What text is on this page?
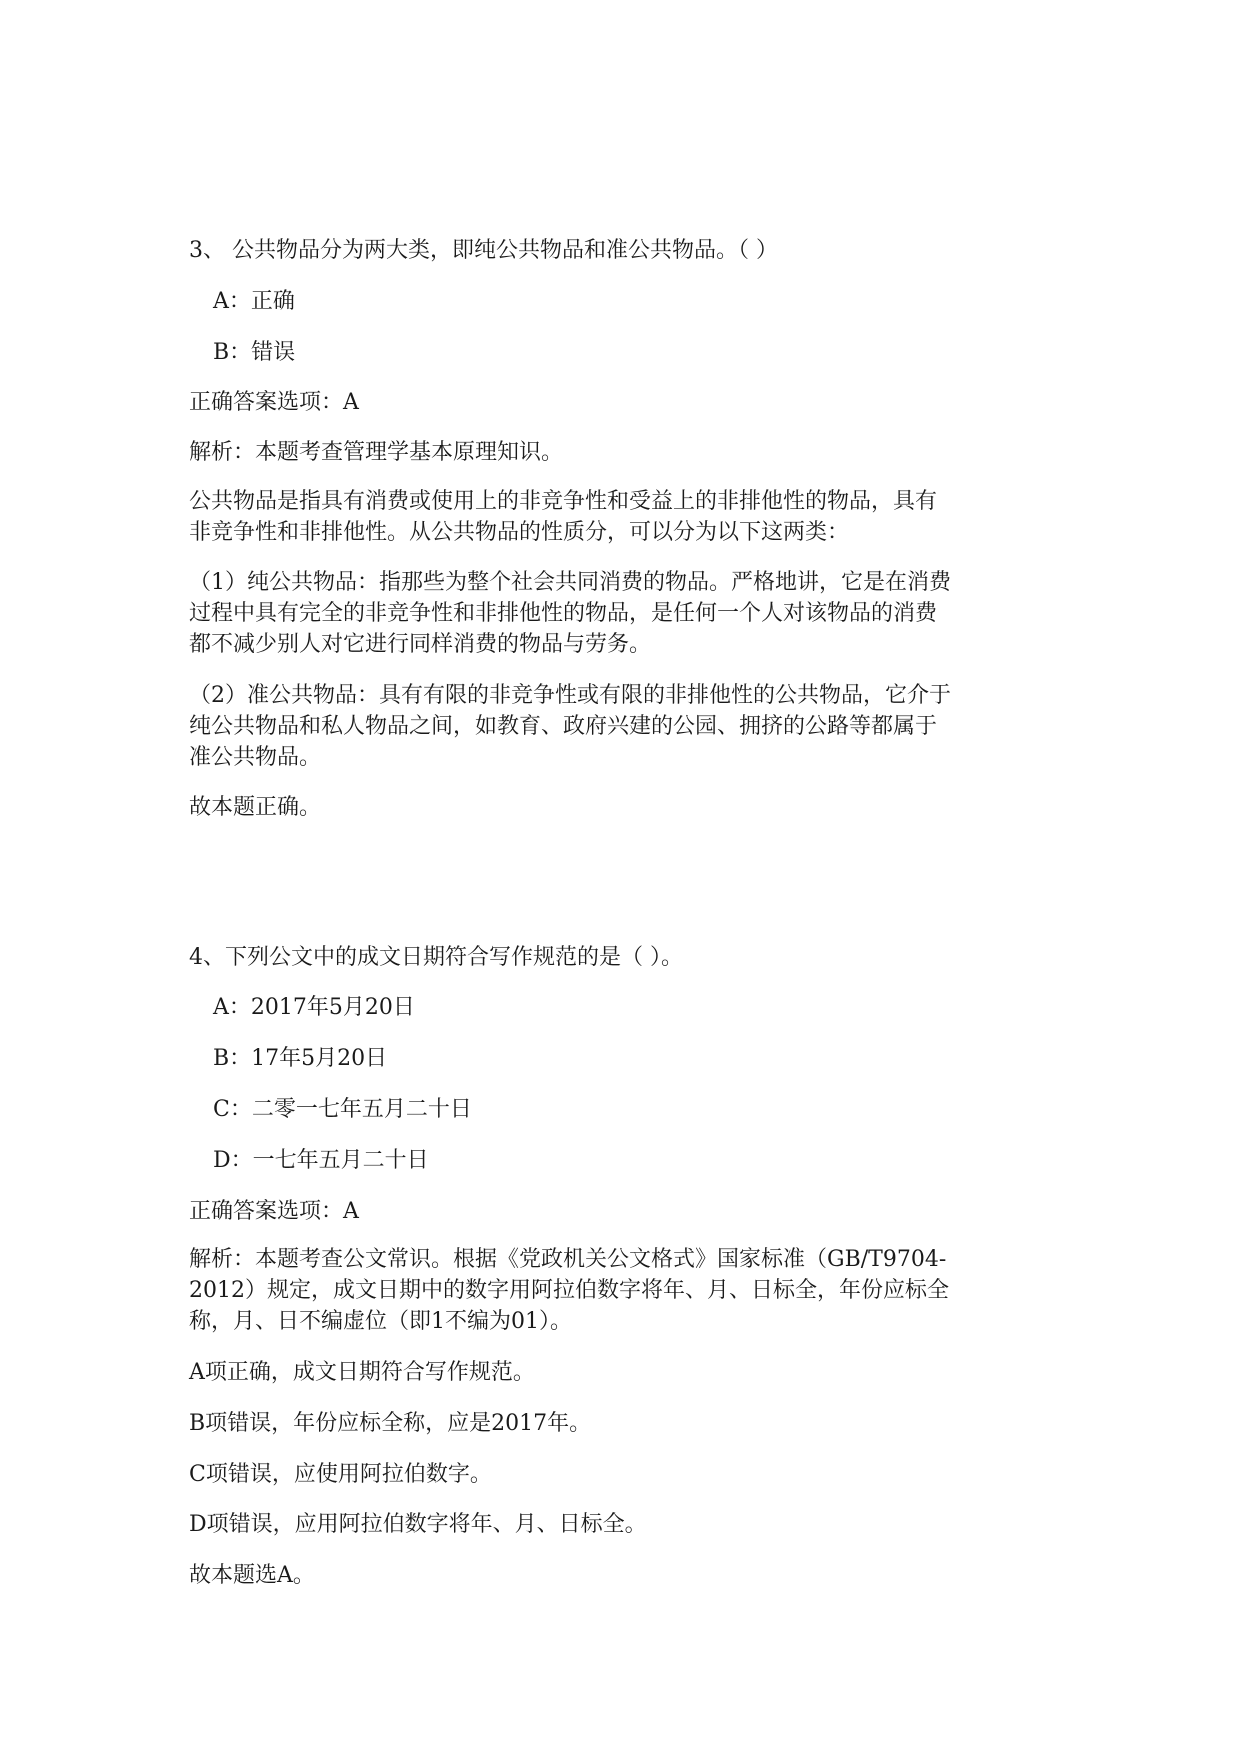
3、 公共物品分为两大类，即纯公共物品和准公共物品。（ ）
A：正确
B：错误
正确答案选项：A
解析：本题考查管理学基本原理知识。
公共物品是指具有消费或使用上的非竞争性和受益上的非排他性的物品，具有
非竞争性和非排他性。从公共物品的性质分，可以分为以下这两类：
（1）纯公共物品：指那些为整个社会共同消费的物品。严格地讲，它是在消费
过程中具有完全的非竞争性和非排他性的物品，是任何一个人对该物品的消费
都不减少别人对它进行同样消费的物品与劳务。
（2）准公共物品：具有有限的非竞争性或有限的非排他性的公共物品，它介于
纯公共物品和私人物品之间，如教育、政府兴建的公园、拥挤的公路等都属于
准公共物品。
故本题正确。
4、下列公文中的成文日期符合写作规范的是（ ）。
A：2017年5月20日
B：17年5月20日
C：二零一七年五月二十日
D：一七年五月二十日
正确答案选项：A
解析：本题考查公文常识。根据《党政机关公文格式》国家标准（GB/T9704-
2012）规定，成文日期中的数字用阿拉伯数字将年、月、日标全，年份应标全
称，月、日不编虚位（即1不编为01）。
A项正确，成文日期符合写作规范。
B项错误，年份应标全称，应是2017年。
C项错误，应使用阿拉伯数字。
D项错误，应用阿拉伯数字将年、月、日标全。
故本题选A。
